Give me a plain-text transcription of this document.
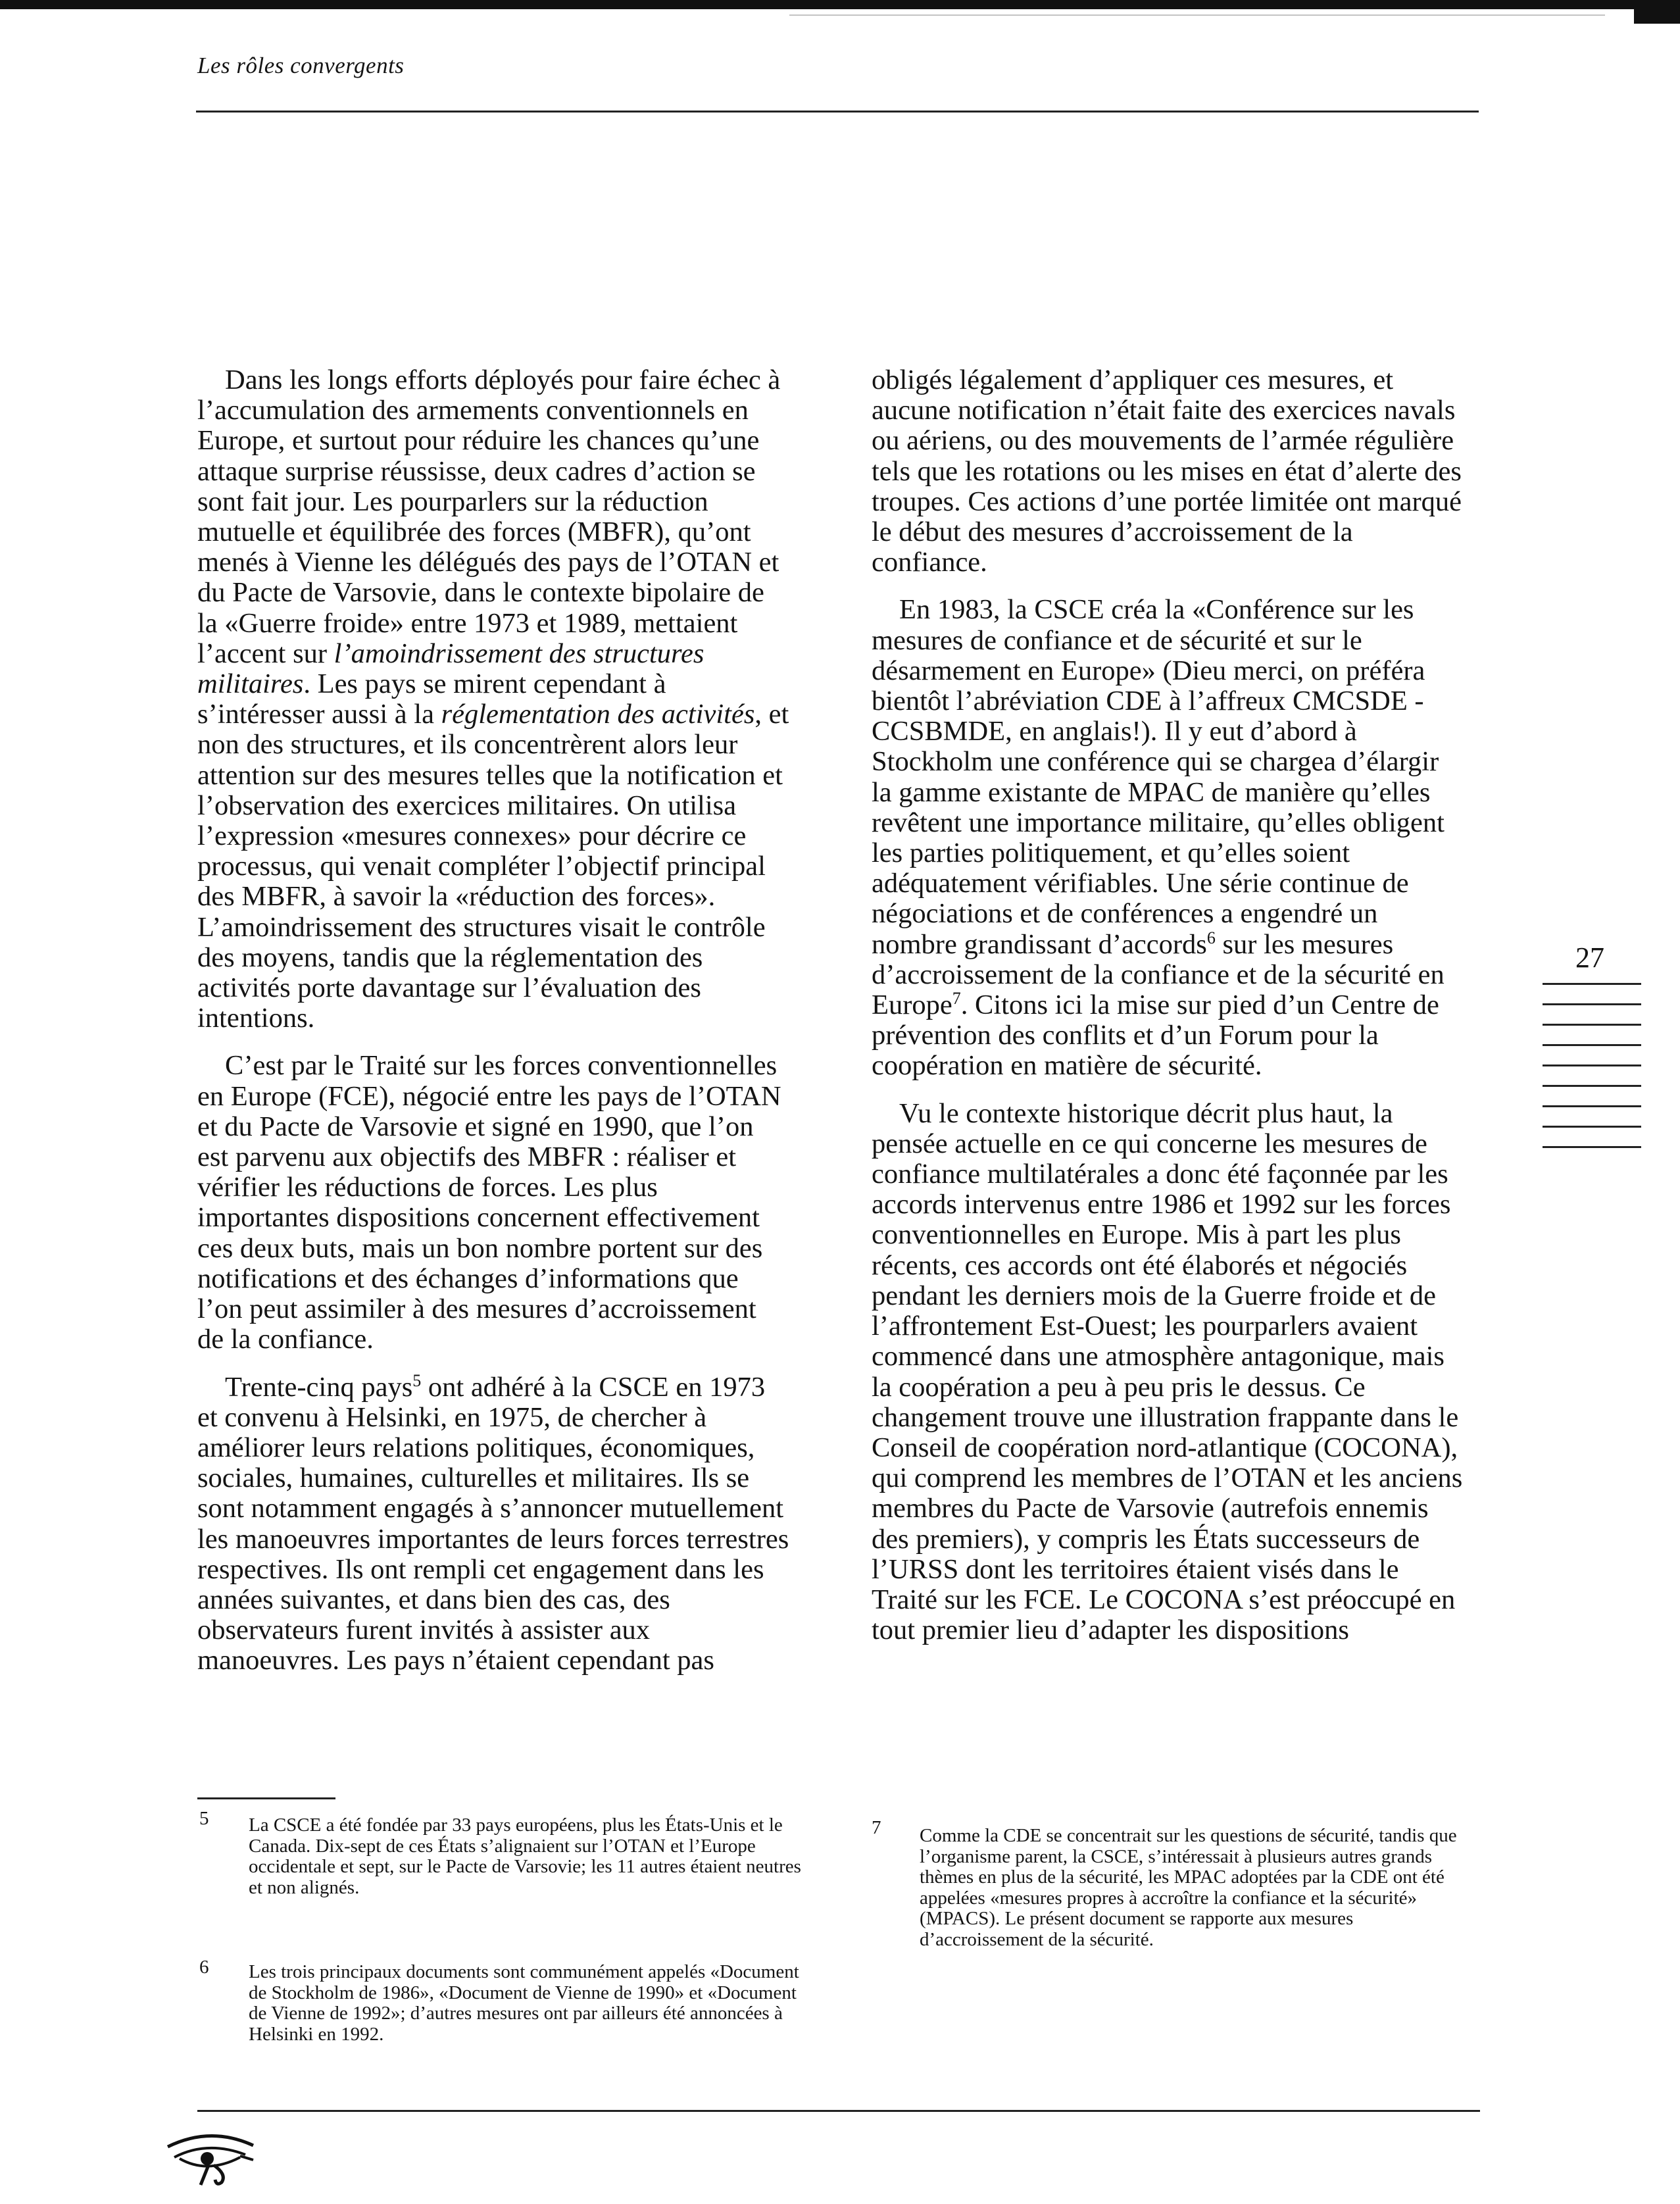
Les rôles convergents

Dans les longs efforts déployés pour faire échec à l’accumulation des armements conventionnels en Europe, et surtout pour réduire les chances qu’une attaque surprise réussisse, deux cadres d’action se sont fait jour. Les pourparlers sur la réduction mutuelle et équilibrée des forces (MBFR), qu’ont menés à Vienne les délégués des pays de l’OTAN et du Pacte de Varsovie, dans le contexte bipolaire de la «Guerre froide» entre 1973 et 1989, mettaient l’accent sur l’amoindrissement des structures militaires. Les pays se mirent cependant à s’intéresser aussi à la réglementation des activités, et non des structures, et ils concentrèrent alors leur attention sur des mesures telles que la notification et l’observation des exercices militaires. On utilisa l’expression «mesures connexes» pour décrire ce processus, qui venait compléter l’objectif principal des MBFR, à savoir la «réduction des forces». L’amoindrissement des structures visait le contrôle des moyens, tandis que la réglementation des activités porte davantage sur l’évaluation des intentions.

C’est par le Traité sur les forces conventionnelles en Europe (FCE), négocié entre les pays de l’OTAN et du Pacte de Varsovie et signé en 1990, que l’on est parvenu aux objectifs des MBFR : réaliser et vérifier les réductions de forces. Les plus importantes dispositions concernent effectivement ces deux buts, mais un bon nombre portent sur des notifications et des échanges d’informations que l’on peut assimiler à des mesures d’accroissement de la confiance.

Trente-cinq pays$^5$ ont adhéré à la CSCE en 1973 et convenu à Helsinki, en 1975, de chercher à améliorer leurs relations politiques, économiques, sociales, humaines, culturelles et militaires. Ils se sont notamment engagés à s’annoncer mutuellement les manoeuvres importantes de leurs forces terrestres respectives. Ils ont rempli cet engagement dans les années suivantes, et dans bien des cas, des observateurs furent invités à assister aux manoeuvres. Les pays n’étaient cependant pas

obligés légalement d’appliquer ces mesures, et aucune notification n’était faite des exercices navals ou aériens, ou des mouvements de l’armée régulière tels que les rotations ou les mises en état d’alerte des troupes. Ces actions d’une portée limitée ont marqué le début des mesures d’accroissement de la confiance.

En 1983, la CSCE créa la «Conférence sur les mesures de confiance et de sécurité et sur le désarmement en Europe» (Dieu merci, on préféra bientôt l’abréviation CDE à l’affreux CMCSDE - CCSBMDE, en anglais!). Il y eut d’abord à Stockholm une conférence qui se chargea d’élargir la gamme existante de MPAC de manière qu’elles revêtent une importance militaire, qu’elles obligent les parties politiquement, et qu’elles soient adéquatement vérifiables. Une série continue de négociations et de conférences a engendré un nombre grandissant d’accords$^6$ sur les mesures d’accroissement de la confiance et de la sécurité en Europe$^7$. Citons ici la mise sur pied d’un Centre de prévention des conflits et d’un Forum pour la coopération en matière de sécurité.

Vu le contexte historique décrit plus haut, la pensée actuelle en ce qui concerne les mesures de confiance multilatérales a donc été façonnée par les accords intervenus entre 1986 et 1992 sur les forces conventionnelles en Europe. Mis à part les plus récents, ces accords ont été élaborés et négociés pendant les derniers mois de la Guerre froide et de l’affrontement Est-Ouest; les pourparlers avaient commencé dans une atmosphère antagonique, mais la coopération a peu à peu pris le dessus. Ce changement trouve une illustration frappante dans le Conseil de coopération nord-atlantique (COCONA), qui comprend les membres de l’OTAN et les anciens membres du Pacte de Varsovie (autrefois ennemis des premiers), y compris les États successeurs de l’URSS dont les territoires étaient visés dans le Traité sur les FCE. Le COCONA s’est préoccupé en tout premier lieu d’adapter les dispositions

27
5 La CSCE a été fondée par 33 pays européens, plus les États-Unis et le Canada. Dix-sept de ces États s’alignaient sur l’OTAN et l’Europe occidentale et sept, sur le Pacte de Varsovie; les 11 autres étaient neutres et non alignés.
6 Les trois principaux documents sont communément appelés «Document de Stockholm de 1986», «Document de Vienne de 1990» et «Document de Vienne de 1992»; d’autres mesures ont par ailleurs été annoncées à Helsinki en 1992.
7 Comme la CDE se concentrait sur les questions de sécurité, tandis que l’organisme parent, la CSCE, s’intéressait à plusieurs autres grands thèmes en plus de la sécurité, les MPAC adoptées par la CDE ont été appelées «mesures propres à accroître la confiance et la sécurité» (MPACS). Le présent document se rapporte aux mesures d’accroissement de la sécurité.
